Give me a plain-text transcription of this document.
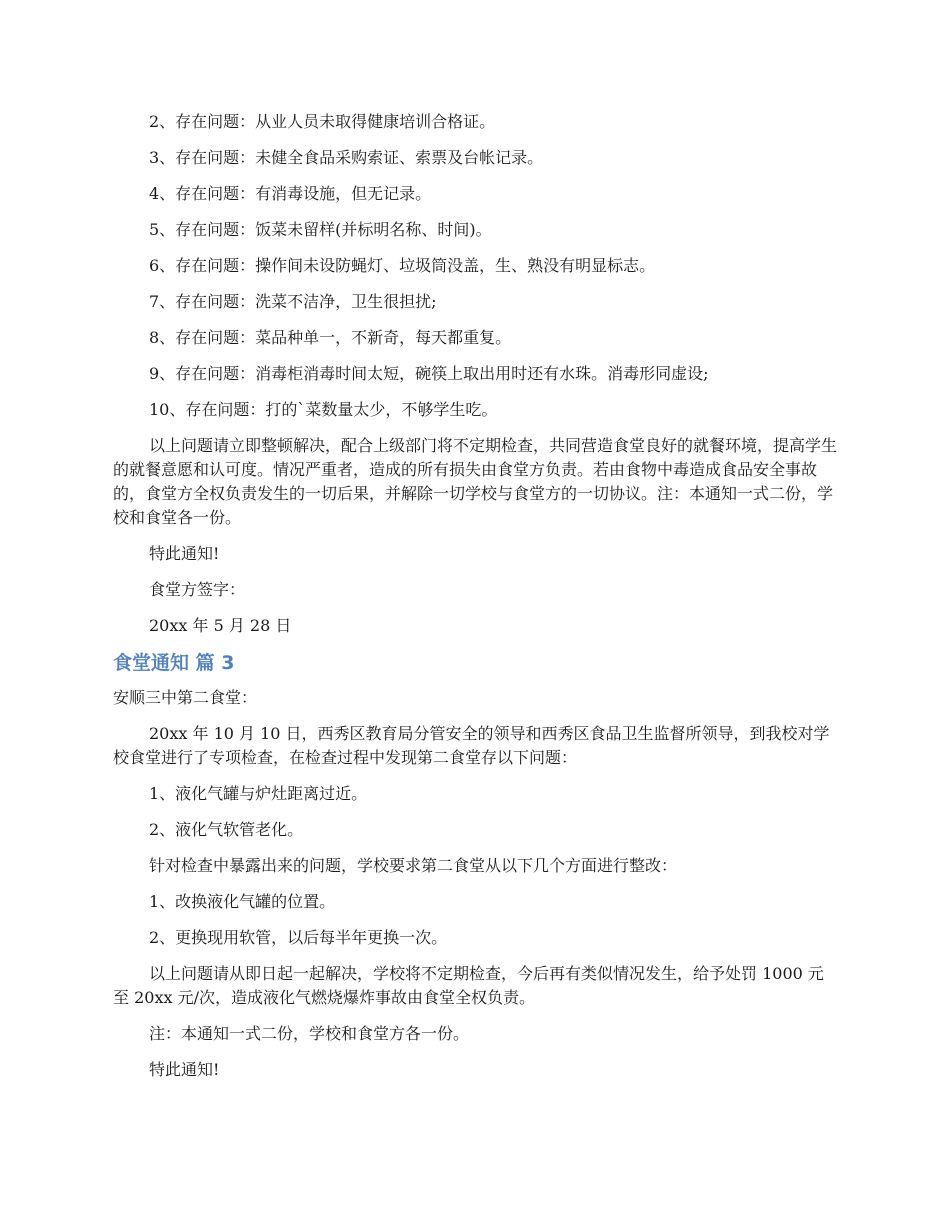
2、存在问题：从业人员未取得健康培训合格证。

3、存在问题：未健全食品采购索证、索票及台帐记录。

4、存在问题：有消毒设施，但无记录。

5、存在问题：饭菜未留样(并标明名称、时间)。

6、存在问题：操作间未设防蝇灯、垃圾筒没盖，生、熟没有明显标志。

7、存在问题：洗菜不洁净，卫生很担扰;

8、存在问题：菜品种单一，不新奇，每天都重复。

9、存在问题：消毒柜消毒时间太短，碗筷上取出用时还有水珠。消毒形同虚设;

10、存在问题：打的`菜数量太少，不够学生吃。

以上问题请立即整顿解决，配合上级部门将不定期检查，共同营造食堂良好的就餐环境，提高学生的就餐意愿和认可度。情况严重者，造成的所有损失由食堂方负责。若由食物中毒造成食品安全事故的，食堂方全权负责发生的一切后果，并解除一切学校与食堂方的一切协议。注：本通知一式二份，学校和食堂各一份。

特此通知!

食堂方签字：

20xx 年 5 月 28 日

食堂通知 篇 3

安顺三中第二食堂：

20xx 年 10 月 10 日，西秀区教育局分管安全的领导和西秀区食品卫生监督所领导，到我校对学校食堂进行了专项检查，在检查过程中发现第二食堂存以下问题：

1、液化气罐与炉灶距离过近。

2、液化气软管老化。

针对检查中暴露出来的问题，学校要求第二食堂从以下几个方面进行整改：

1、改换液化气罐的位置。

2、更换现用软管，以后每半年更换一次。

以上问题请从即日起一起解决，学校将不定期检查，今后再有类似情况发生，给予处罚 1000 元至 20xx 元/次，造成液化气燃烧爆炸事故由食堂全权负责。

注：本通知一式二份，学校和食堂方各一份。

特此通知!
